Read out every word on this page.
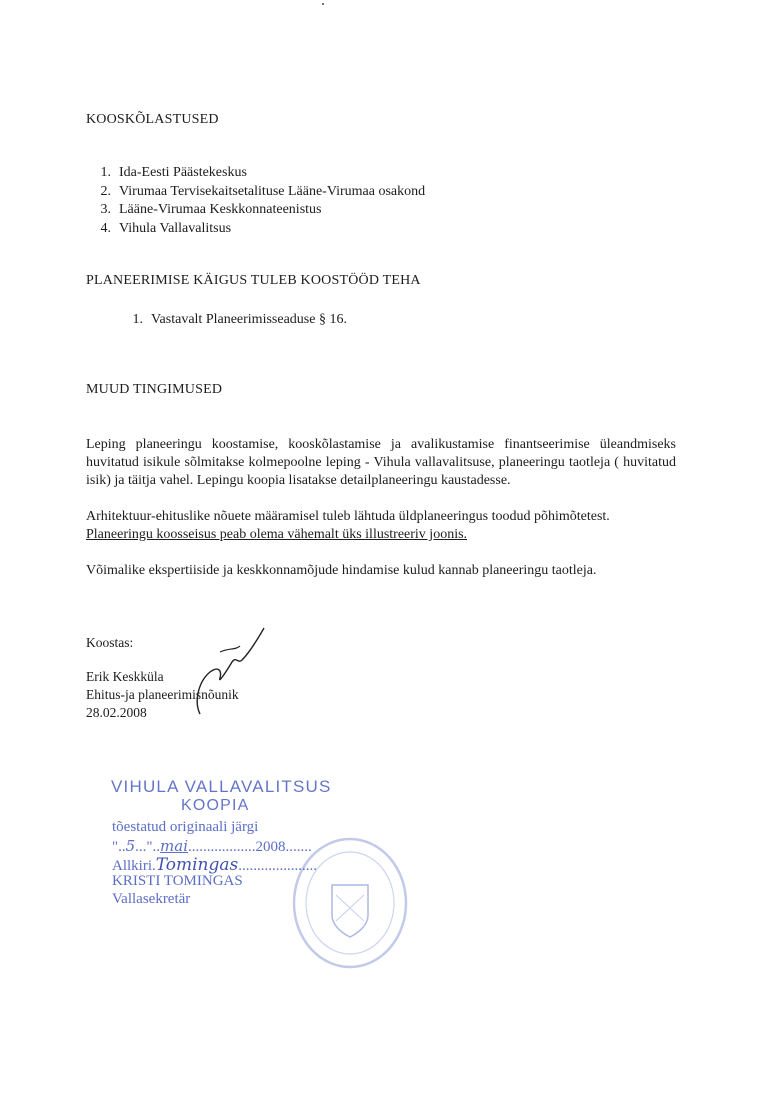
KOOSKÕLASTUSED
1. Ida-Eesti Päästekeskus
2. Virumaa Tervisekaitsetalituse Lääne-Virumaa osakond
3. Lääne-Virumaa Keskkonnateenistus
4. Vihula Vallavalitsus
PLANEERIMISE KÄIGUS TULEB KOOSTÖÖD TEHA
1. Vastavalt Planeerimisseaduse § 16.
MUUD TINGIMUSED
Leping planeeringu koostamise, kooskõlastamise ja avalikustamise finantseerimise üleandmiseks huvitatud isikule sõlmitakse kolmepoolne leping - Vihula vallavalitsuse, planeeringu taotleja ( huvitatud isik) ja täitja vahel. Lepingu koopia lisatakse detailplaneeringu kaustadesse.
Arhitektuur-ehituslike nõuete määramisel tuleb lähtuda üldplaneeringus toodud põhimõtetest.
Planeeringu koosseisus peab olema vähemalt üks illustreeriv joonis.
Võimalike ekspertiiside ja keskkonnamõjude hindamise kulud kannab planeeringu taotleja.
Koostas:
Erik Keskküla
Ehitus-ja planeerimisnõunik
28.02.2008
VIHULA VALLAVALITSUS
KOOPIA
tõestatud originaali järgi
"..5..."..mai..................2008.......
Allkiri.Tomingas.....................
KRISTI TOMINGAS
Vallasekretär
